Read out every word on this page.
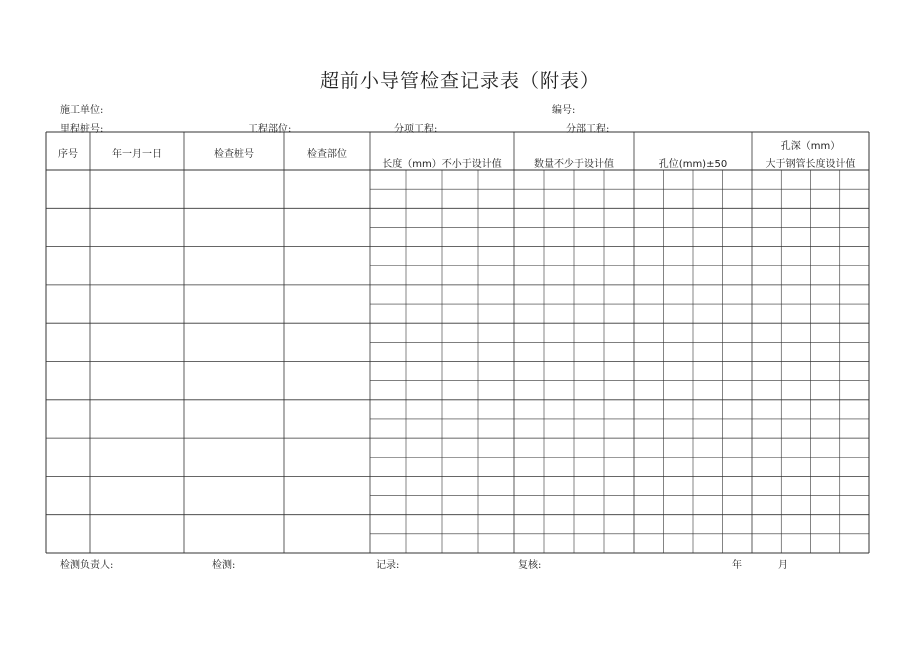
超前小导管检查记录表（附表）
施工单位:	编号:
里程桩号:	工程部位:	分项工程:	分部工程:
序号	年一月一日	检查桩号	检查部位
长度（mm）不小于设计值	数量不少于设计值	孔位(mm)±50
孔深（mm）
大于钢管长度设计值
检测负责人:	检测:	记录:	复核:	年	月
